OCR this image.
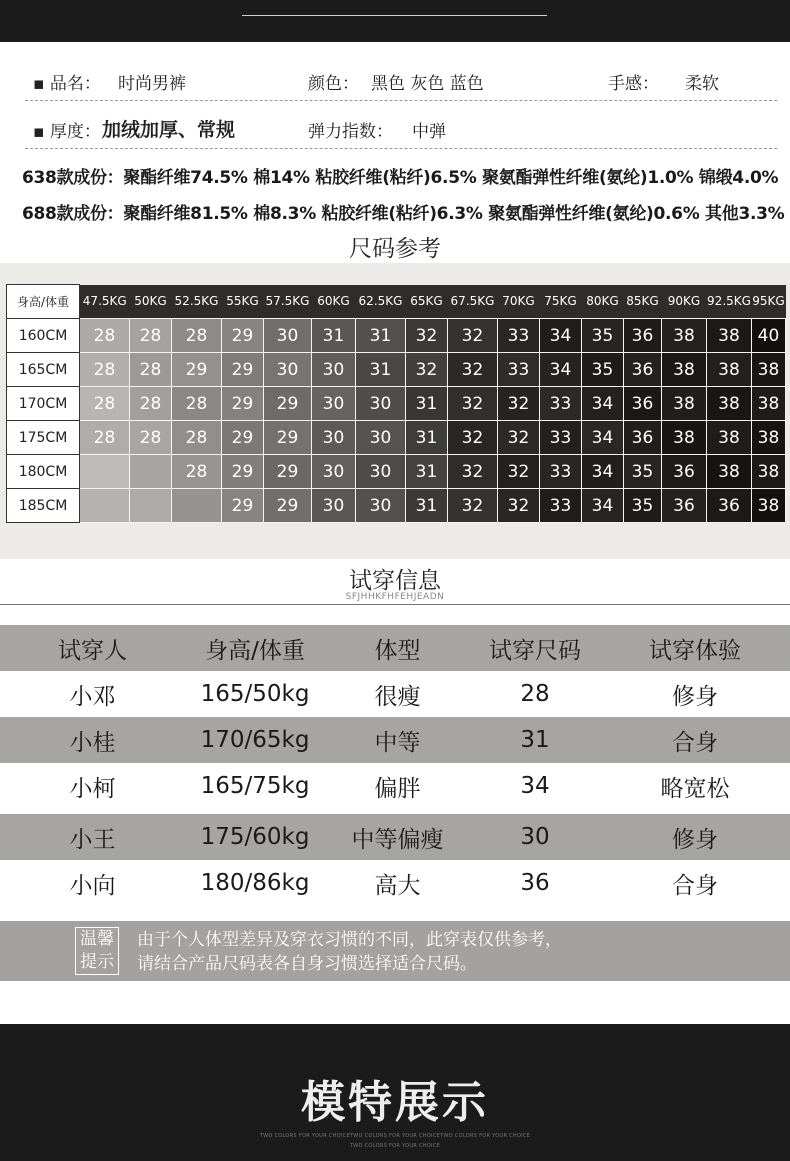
▪ 品名： 时尚男裤	颜色： 黑色 灰色 蓝色	手感： 柔软
▪ 厚度： 加绒加厚、常规	弹力指数： 中弹
638款成份：聚酯纤维74.5% 棉14% 粘胶纤维(粘纤)6.5% 聚氨酯弹性纤维(氨纶)1.0% 锦缎4.0%
688款成份：聚酯纤维81.5% 棉8.3% 粘胶纤维(粘纤)6.3% 聚氨酯弹性纤维(氨纶)0.6% 其他3.3%
尺码参考
身高/体重	47.5KG	50KG	52.5KG	55KG	57.5KG	60KG	62.5KG	65KG	67.5KG	70KG	75KG	80KG	85KG	90KG	92.5KG	95KG
160CM	28	28	28	29	30	31	31	32	32	33	34	35	36	38	38	40
165CM	28	28	29	29	30	30	31	32	32	33	34	35	36	38	38	38
170CM	28	28	28	29	29	30	30	31	32	32	33	34	36	38	38	38
175CM	28	28	28	29	29	30	30	31	32	32	33	34	36	38	38	38
180CM			28	29	29	30	30	31	32	32	33	34	35	36	38	38
185CM				29	29	30	30	31	32	32	33	34	35	36	36	38
试穿信息
SFJHHKFHFEHJEADN
试穿人	身高/体重	体型	试穿尺码	试穿体验
小邓	165/50kg	很瘦	28	修身
小桂	170/65kg	中等	31	合身
小柯	165/75kg	偏胖	34	略宽松

小王	175/60kg	中等偏瘦	30	修身
小向	180/86kg	高大	36	合身
温馨
提示
由于个人体型差异及穿衣习惯的不同，此穿表仅供参考，
请结合产品尺码表各自身习惯选择适合尺码。
模特展示
TWO COLORS FOR YOUR CHOICETWO COLORS FOR YOUR CHOICETWO COLORS FOR YOUR CHOICE
TWO COLORS FOR YOUR CHOICE
